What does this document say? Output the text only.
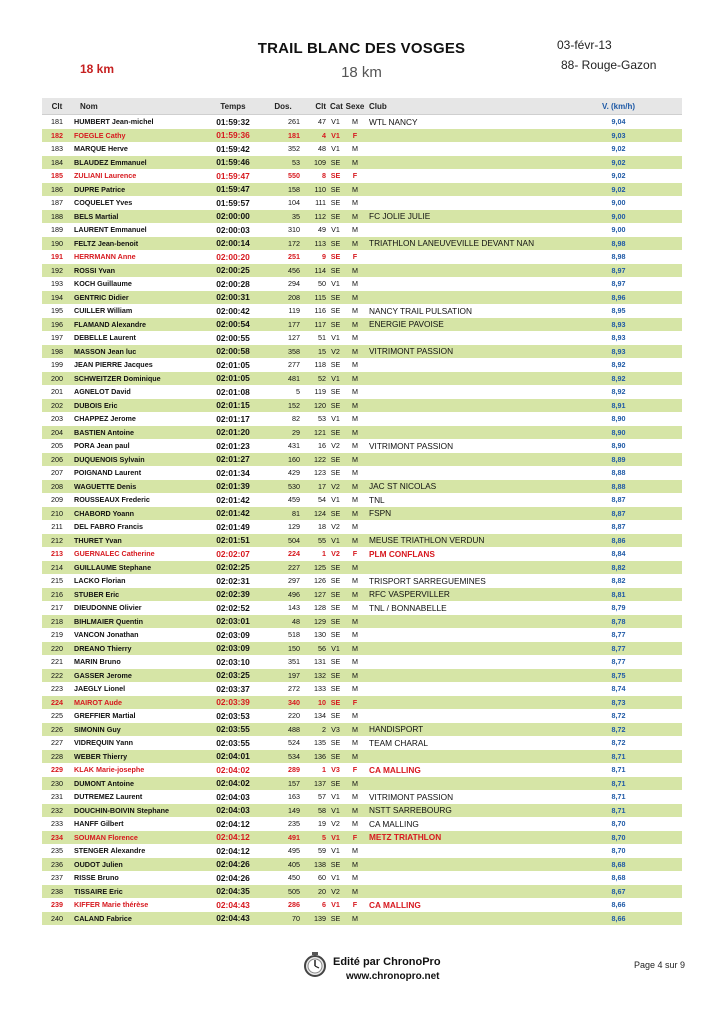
TRAIL BLANC DES VOSGES
18 km
18 km
03-févr-13
88- Rouge-Gazon
Clt	Nom	Temps	Dos.	Clt	Cat	Sexe	Club	V. (km/h)
181	HUMBERT Jean-michel	01:59:32	261	47	V1	M	WTL NANCY	9,04
182	FOEGLE Cathy	01:59:36	181	4	V1	F		9,03
183	MARQUE Herve	01:59:42	352	48	V1	M		9,02
184	BLAUDEZ Emmanuel	01:59:46	53	109	SE	M		9,02
185	ZULIANI Laurence	01:59:47	550	8	SE	F		9,02
186	DUPRE Patrice	01:59:47	158	110	SE	M		9,02
187	COQUELET Yves	01:59:57	104	111	SE	M		9,00
188	BELS Martial	02:00:00	35	112	SE	M	FC JOLIE JULIE	9,00
189	LAURENT Emmanuel	02:00:03	310	49	V1	M		9,00
190	FELTZ Jean-benoit	02:00:14	172	113	SE	M	TRIATHLON LANEUVEVILLE DEVANT NAN	8,98
191	HERRMANN Anne	02:00:20	251	9	SE	F		8,98
192	ROSSI Yvan	02:00:25	456	114	SE	M		8,97
193	KOCH Guillaume	02:00:28	294	50	V1	M		8,97
194	GENTRIC Didier	02:00:31	208	115	SE	M		8,96
195	CUILLER William	02:00:42	119	116	SE	M	NANCY TRAIL PULSATION	8,95
196	FLAMAND Alexandre	02:00:54	177	117	SE	M	ENERGIE PAVOISE	8,93
197	DEBELLE Laurent	02:00:55	127	51	V1	M		8,93
198	MASSON Jean luc	02:00:58	358	15	V2	M	VITRIMONT PASSION	8,93
199	JEAN PIERRE Jacques	02:01:05	277	118	SE	M		8,92
200	SCHWEITZER Dominique	02:01:05	481	52	V1	M		8,92
201	AGNELOT David	02:01:08	5	119	SE	M		8,92
202	DUBOIS Eric	02:01:15	152	120	SE	M		8,91
203	CHAPPEZ Jerome	02:01:17	82	53	V1	M		8,90
204	BASTIEN Antoine	02:01:20	29	121	SE	M		8,90
205	PORA Jean paul	02:01:23	431	16	V2	M	VITRIMONT PASSION	8,90
206	DUQUENOIS Sylvain	02:01:27	160	122	SE	M		8,89
207	POIGNAND Laurent	02:01:34	429	123	SE	M		8,88
208	WAGUETTE Denis	02:01:39	530	17	V2	M	JAC ST NICOLAS	8,88
209	ROUSSEAUX Frederic	02:01:42	459	54	V1	M	TNL	8,87
210	CHABORD Yoann	02:01:42	81	124	SE	M	FSPN	8,87
211	DEL FABRO Francis	02:01:49	129	18	V2	M		8,87
212	THURET Yvan	02:01:51	504	55	V1	M	MEUSE TRIATHLON VERDUN	8,86
213	GUERNALEC Catherine	02:02:07	224	1	V2	F	PLM CONFLANS	8,84
214	GUILLAUME Stephane	02:02:25	227	125	SE	M		8,82
215	LACKO Florian	02:02:31	297	126	SE	M	TRISPORT SARREGUEMINES	8,82
216	STUBER Eric	02:02:39	496	127	SE	M	RFC VASPERVILLER	8,81
217	DIEUDONNE Olivier	02:02:52	143	128	SE	M	TNL / BONNABELLE	8,79
218	BIHLMAIER Quentin	02:03:01	48	129	SE	M		8,78
219	VANCON Jonathan	02:03:09	518	130	SE	M		8,77
220	DREANO Thierry	02:03:09	150	56	V1	M		8,77
221	MARIN Bruno	02:03:10	351	131	SE	M		8,77
222	GASSER Jerome	02:03:25	197	132	SE	M		8,75
223	JAEGLY Lionel	02:03:37	272	133	SE	M		8,74
224	MAIROT Aude	02:03:39	340	10	SE	F		8,73
225	GREFFIER Martial	02:03:53	220	134	SE	M		8,72
226	SIMONIN Guy	02:03:55	488	2	V3	M	HANDISPORT	8,72
227	VIDREQUIN Yann	02:03:55	524	135	SE	M	TEAM CHARAL	8,72
228	WEBER Thierry	02:04:01	534	136	SE	M		8,71
229	KLAK Marie-josephe	02:04:02	289	1	V3	F	CA MALLING	8,71
230	DUMONT Antoine	02:04:02	157	137	SE	M		8,71
231	DUTREMEZ Laurent	02:04:03	163	57	V1	M	VITRIMONT PASSION	8,71
232	DOUCHIN-BOIVIN Stephane	02:04:03	149	58	V1	M	NSTT SARREBOURG	8,71
233	HANFF Gilbert	02:04:12	235	19	V2	M	CA MALLING	8,70
234	SOUMAN Florence	02:04:12	491	5	V1	F	METZ TRIATHLON	8,70
235	STENGER Alexandre	02:04:12	495	59	V1	M		8,70
236	OUDOT Julien	02:04:26	405	138	SE	M		8,68
237	RISSE Bruno	02:04:26	450	60	V1	M		8,68
238	TISSAIRE Eric	02:04:35	505	20	V2	M		8,67
239	KIFFER Marie thérèse	02:04:43	286	6	V1	F	CA MALLING	8,66
240	CALAND Fabrice	02:04:43	70	139	SE	M		8,66
Edité par ChronoPro
www.chronopro.net
Page 4 sur 9
